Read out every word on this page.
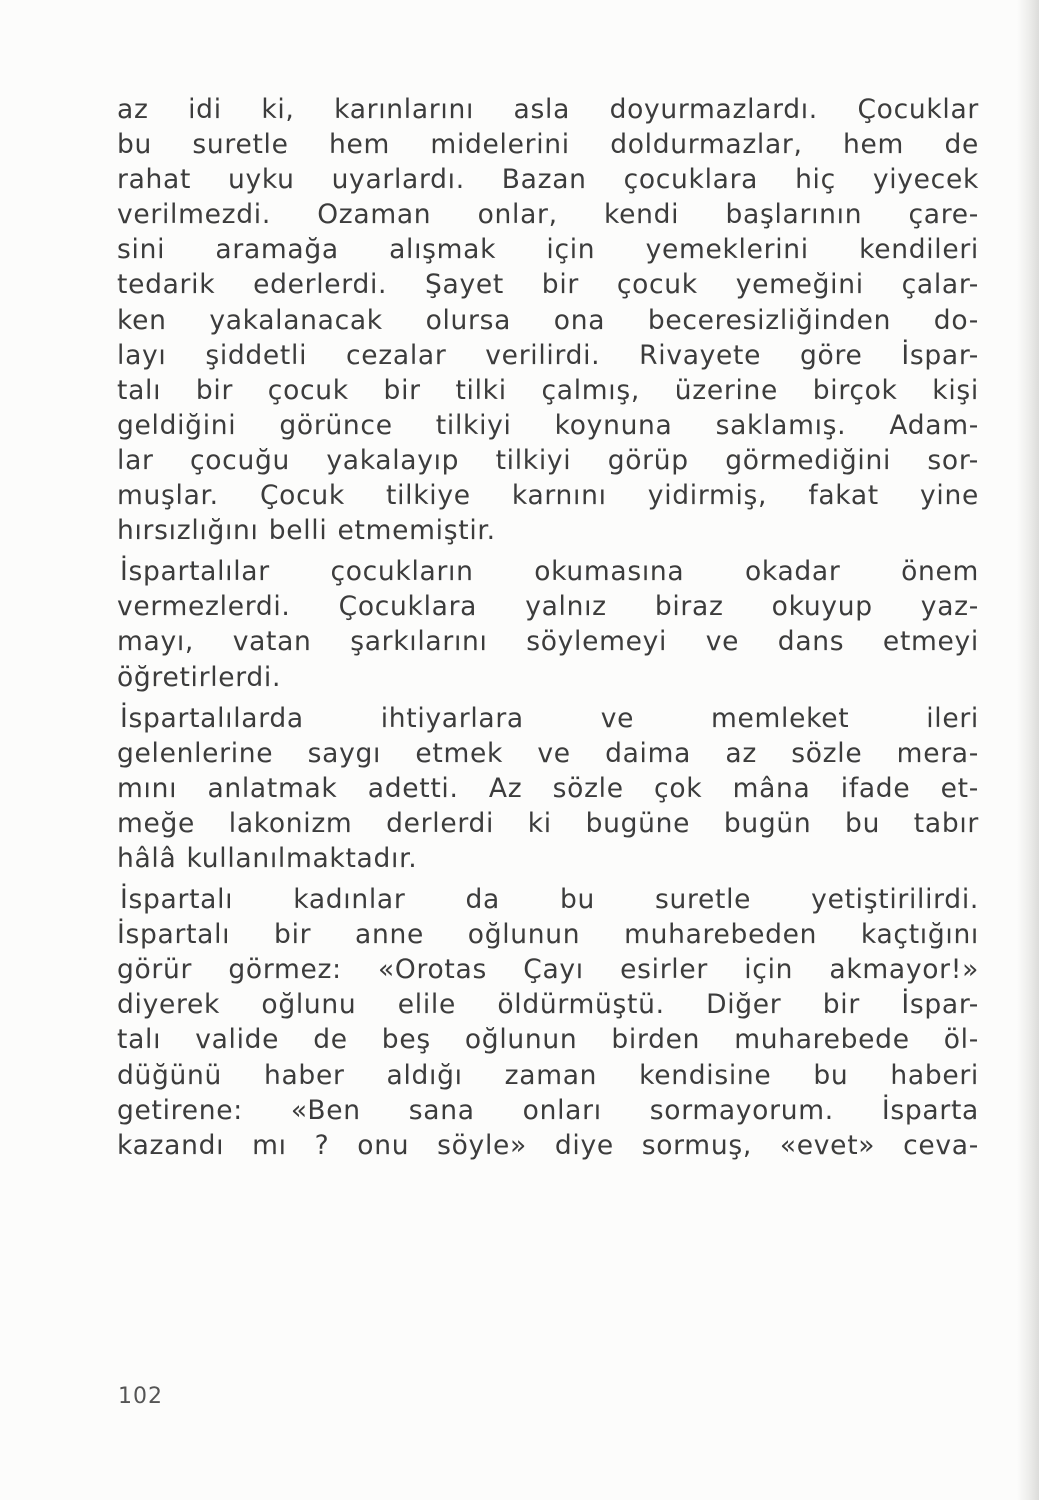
az idi ki, karınlarını asla doyurmazlardı. Çocuklar
bu suretle hem midelerini doldurmazlar, hem de
rahat uyku uyarlardı. Bazan çocuklara hiç yiyecek
verilmezdi. Ozaman onlar, kendi başlarının çare-
sini aramağa alışmak için yemeklerini kendileri
tedarik ederlerdi. Şayet bir çocuk yemeğini çalar-
ken yakalanacak olursa ona beceresizliğinden do-
layı şiddetli cezalar verilirdi. Rivayete göre İspar-
talı bir çocuk bir tilki çalmış, üzerine birçok kişi
geldiğini görünce tilkiyi koynuna saklamış. Adam-
lar çocuğu yakalayıp tilkiyi görüp görmediğini sor-
muşlar. Çocuk tilkiye karnını yidirmiş, fakat yine
hırsızlığını belli etmemiştir.
İspartalılar çocukların okumasına okadar önem
vermezlerdi. Çocuklara yalnız biraz okuyup yaz-
mayı, vatan şarkılarını söylemeyi ve dans etmeyi
öğretirlerdi.
İspartalılarda ihtiyarlara ve memleket ileri
gelenlerine saygı etmek ve daima az sözle mera-
mını anlatmak adetti. Az sözle çok mâna ifade et-
meğe lakonizm derlerdi ki bugüne bugün bu tabır
hâlâ kullanılmaktadır.
İspartalı kadınlar da bu suretle yetiştirilirdi.
İspartalı bir anne oğlunun muharebeden kaçtığını
görür görmez: «Orotas Çayı esirler için akmayor!»
diyerek oğlunu elile öldürmüştü. Diğer bir İspar-
talı valide de beş oğlunun birden muharebede öl-
düğünü haber aldığı zaman kendisine bu haberi
getirene: «Ben sana onları sormayorum. İsparta
kazandı mı ? onu söyle» diye sormuş, «evet» ceva-
102
